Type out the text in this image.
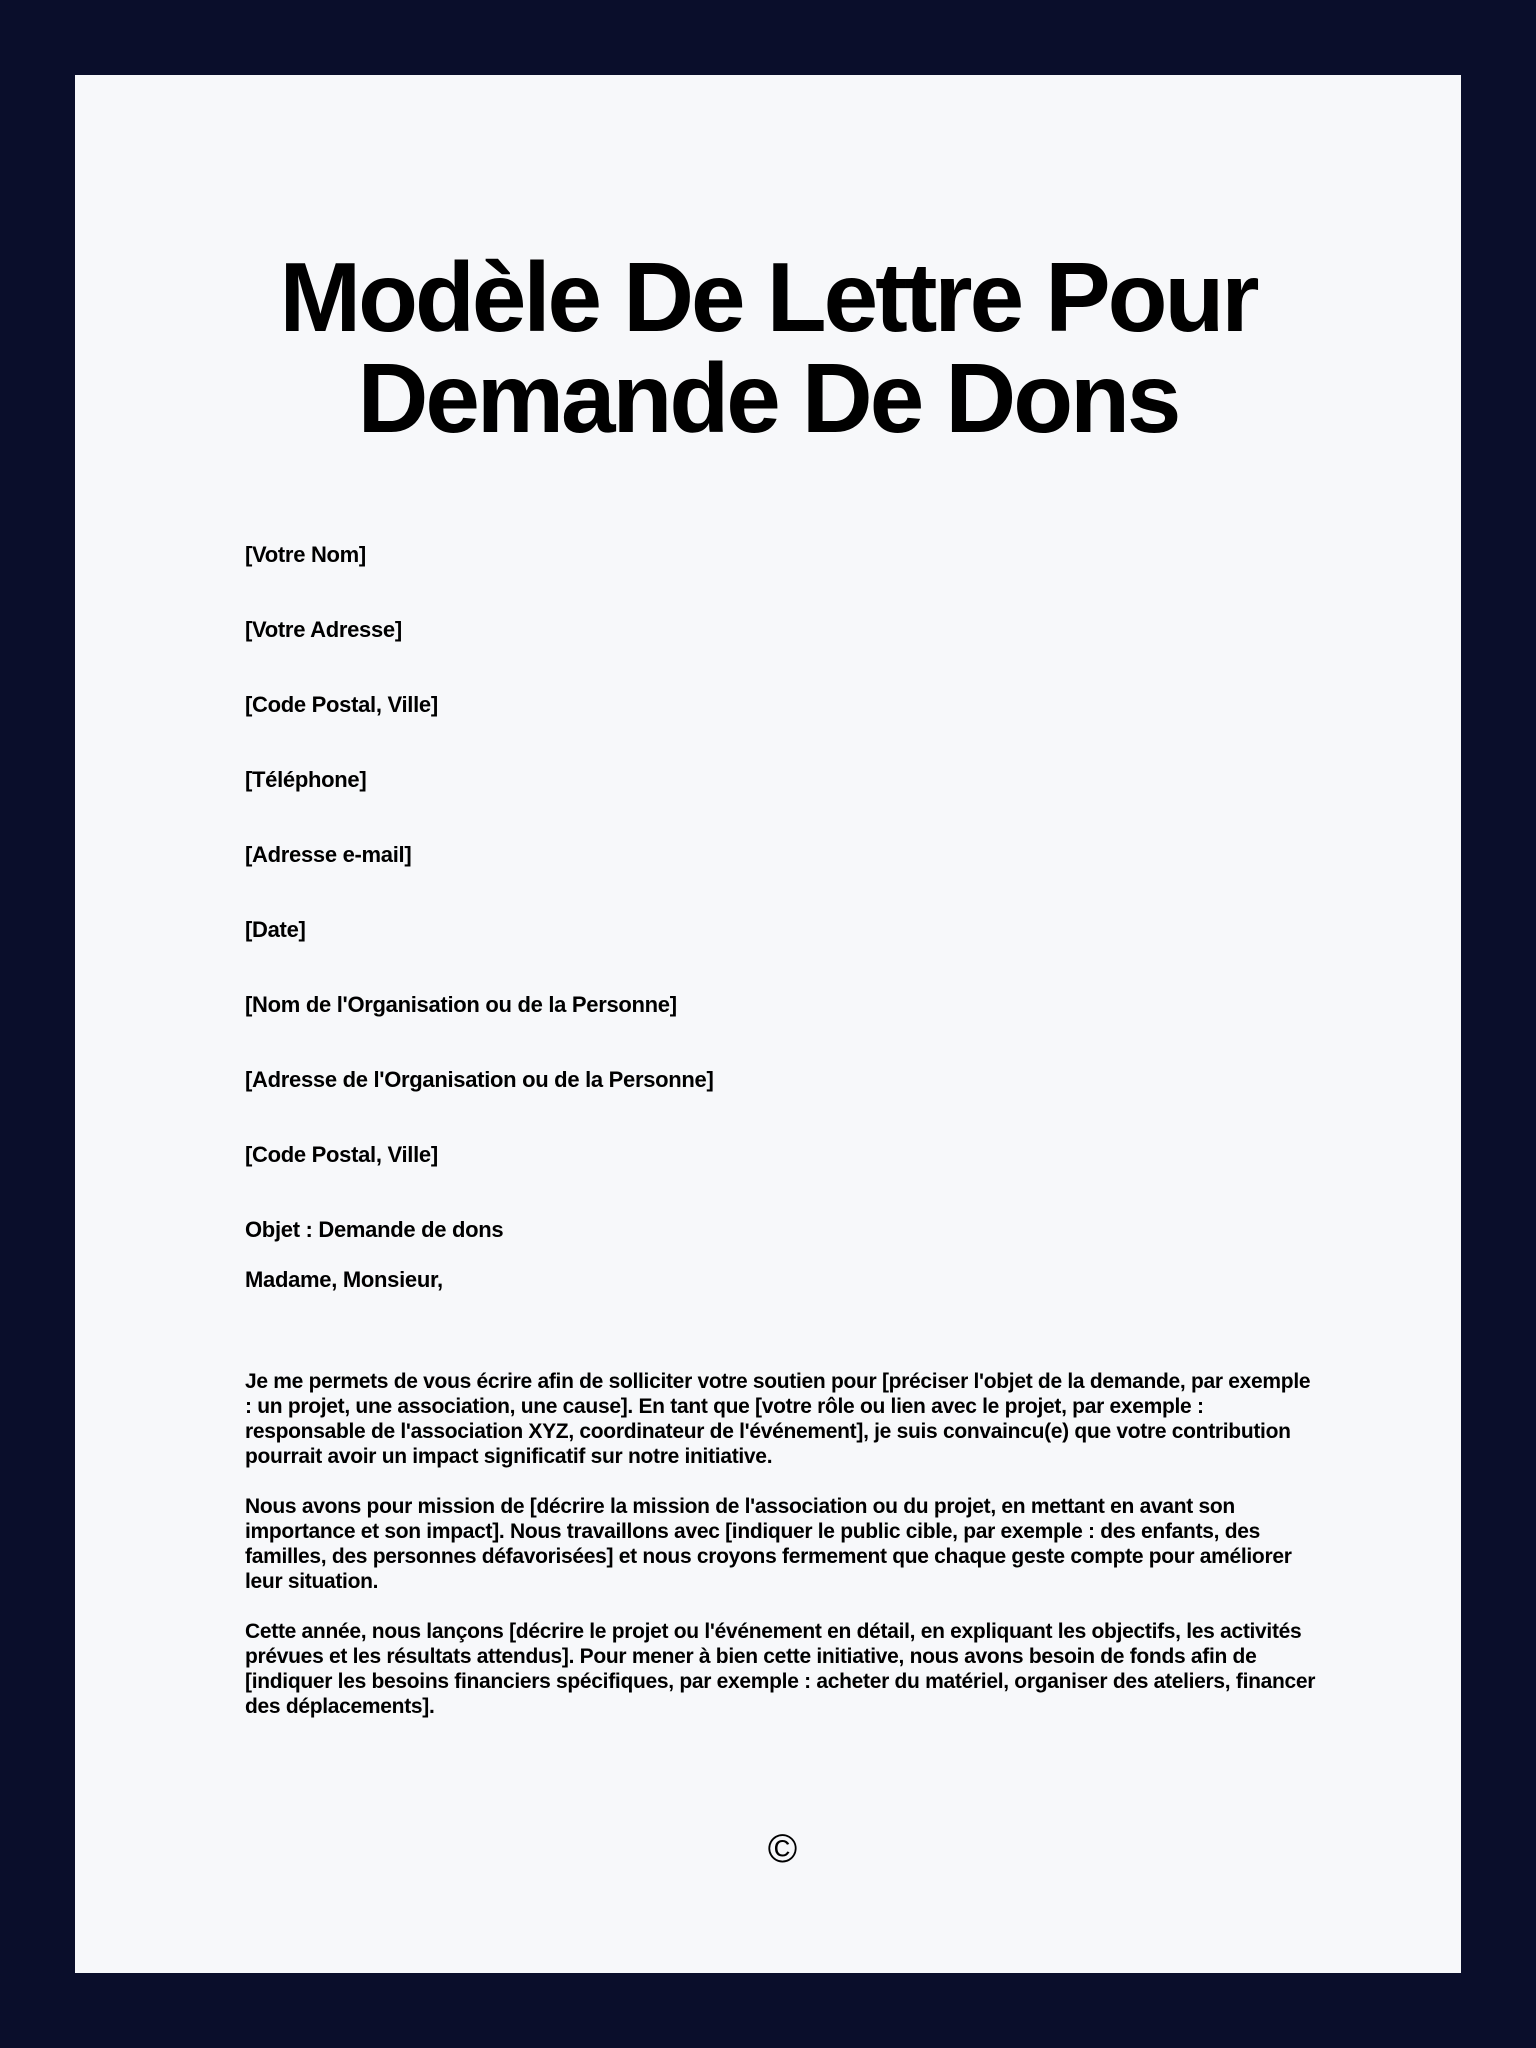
Modèle De Lettre Pour Demande De Dons
[Votre Nom]
[Votre Adresse]
[Code Postal, Ville]
[Téléphone]
[Adresse e-mail]
[Date]
[Nom de l'Organisation ou de la Personne]
[Adresse de l'Organisation ou de la Personne]
[Code Postal, Ville]
Objet : Demande de dons
Madame, Monsieur,

Je me permets de vous écrire afin de solliciter votre soutien pour [préciser l'objet de la demande, par exemple : un projet, une association, une cause]. En tant que [votre rôle ou lien avec le projet, par exemple : responsable de l'association XYZ, coordinateur de l'événement], je suis convaincu(e) que votre contribution pourrait avoir un impact significatif sur notre initiative.

Nous avons pour mission de [décrire la mission de l'association ou du projet, en mettant en avant son importance et son impact]. Nous travaillons avec [indiquer le public cible, par exemple : des enfants, des familles, des personnes défavorisées] et nous croyons fermement que chaque geste compte pour améliorer leur situation.

Cette année, nous lançons [décrire le projet ou l'événement en détail, en expliquant les objectifs, les activités prévues et les résultats attendus]. Pour mener à bien cette initiative, nous avons besoin de fonds afin de [indiquer les besoins financiers spécifiques, par exemple : acheter du matériel, organiser des ateliers, financer des déplacements].

©
